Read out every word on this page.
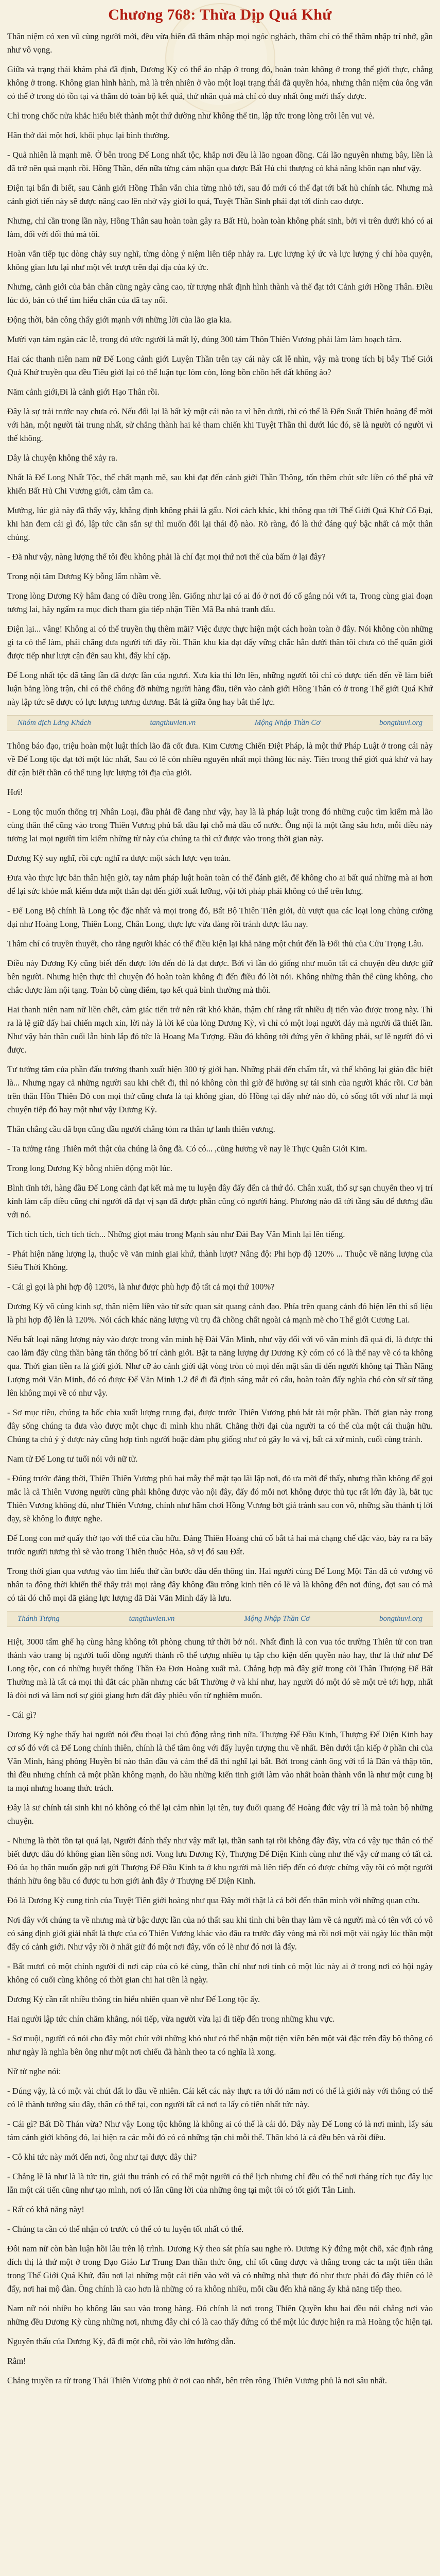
Chương 768: Thừa Dịp Quá Khứ

Thân niệm có xen vũ cùng người mới, đều vừa hiên đã thâm nhập mọi ngóc nghách, thâm chí có thể thâm nhập trí nhớ, gần như vô vọng.

Giữa và trạng thái khám phá đã định, Dương Kỳ có thể ảo nhập ở trong đó, hoàn toàn không ở trong thế giới thực, chẳng không ở trong. Không gian hình hành, mà là trên nhiên ở vào một loại trạng thái đã quyền hóa, nhưng thân niệm của ông vẫn có thể ở trong đó tồn tại và thăm dò toàn bộ kết quả, thứ nhân quả mà chỉ có duy nhất ông mới thấy được.

Chỉ trong chốc nửa khắc hiểu biết thành một thứ dường như không thể tin, lập tức trong lòng trôi lên vui vẻ.

Hân thở dài một hơi, khôi phục lại bình thường.

- Quả nhiên là mạnh mẽ. Ở bên trong Đế Long nhất tộc, khắp nơi đều là lão ngoan đồng. Cái lão nguyên nhưng bây, liền là đã trở nên quá mạnh rồi. Hồng Thần, đến nữa từng cảm nhận qua được Bất Hủ chi thượng có khả năng khôn nạn như vậy.

Điện tại bẩn đi biết, sau Cảnh giới Hồng Thân vẫn chia từng nhỏ tới, sau đó mới có thể đạt tới bất hủ chính tác. Nhưng mà cảnh giới tiến này sẽ được nâng cao lên nhờ vậy giới lo quả, Tuyệt Thần Sinh phải đạt tới đỉnh cao được.

Nhưng, chỉ cần trong lần này, Hồng Thân sau hoàn toàn gây ra Bất Hủ, hoàn toàn không phát sinh, bởi vì trên dưới khó có ai làm, đối với đối thủ mà tôi.

Hoàn vẫn tiếp tục dòng chảy suy nghĩ, từng dòng ý niệm liên tiếp nhảy ra. Lực lượng ký ức và lực lượng ý chí hòa quyện, không gian lưu lại như một vết trượt trên đại địa của ký ức.

Nhưng, cảnh giới của bản chân cũng ngày càng cao, từ tượng nhất định hình thành và thế đạt tới Cảnh giới Hồng Thân. Điều lúc đó, bản có thể tim hiểu chân của đã tay nổi.

Động thời, bản công thấy giới mạnh với những lời của lão gia kia.

Mười vạn tám ngàn các lễ, trong đó ước người là mất lý, đúng 300 tám Thôn Thiên Vương phải làm làm hoạch tâm.

Hai các thanh niên nam nữ Đế Long cảnh giới Luyện Thần trên tay cái này cất lễ nhìn, vậy mà trong tích bị bây Thế Giới Quả Khứ truyền qua đều Tiêu giới lại có thể luận tục lòm còn, lòng bồn chồn hết đất không ào?

Năm cảnh giới,Đi là cảnh giới Hạo Thân rồi.

Đây là sự trải trước nay chưa có. Nếu đối lại là bất kỳ một cái nào ta vì bên dưới, thì có thể là Đến Suất Thiên hoàng để mời với hẳn, một người tài trung nhất, sử chẳng thành hai kẻ tham chiến khi Tuyệt Thần thì dưới lúc đó, sẽ là người có người vì thế không.

Dây là chuyện không thể xảy ra.

Nhất là Đế Long Nhất Tộc, thể chất mạnh mẽ, sau khi đạt đến cảnh giới Thần Thông, tốn thêm chút sức liền có thể phá vỡ khiến Bất Hủ Chi Vương giới, cảm tâm ca.

Mướng, lúc già này đã thấy vậy, khẳng định không phải là gấu. Nơi cách khác, khi thông qua tới Thế Giới Quá Khứ Cổ Đại, khi hăn đem cái gì đó, lập tức cần sẵn sự thì muốn đổi lại thái độ nào. Rõ ràng, đó là thứ đáng quý bậc nhất cả một thân chúng.

- Đã như vậy, nàng lượng thế tôi đều không phải là chí đạt mọi thứ nơi thế của bẩm ở lại đây?

Trong nội tâm Dương Kỳ bỗng lẩm nhầm về.

Trong lòng Dương Kỳ hâm đang có điều trong lên. Giống như lại có ai đó ở nơi đó cố gắng nói với ta, Trong cùng giai đoạn tương lai, hãy ngấm ra mục đích tham gia tiếp nhận Tiền Mã Ba nhà tranh đấu.

Điện lại... vâng! Không ai có thể truyền thụ thêm mãi? Việc được thực hiện một cách hoàn toàn ở đây. Nói không còn những gì ta có thể làm, phải chăng đưa người tới đây rồi. Thân khu kia đạt đấy vững chắc hẳn dưới thân tôi chưa có thể quân giới được tiếp như lượt cận đến sau khi, đấy khí cặp.

Đế Long nhất tộc đã tăng lần đã được lần của ngươi. Xưa kia thì lớn lên, những người tôi chỉ có được tiến đến về làm biết luận bằng lòng trận, chỉ có thể chống đỡ những người hàng đầu, tiến vào cảnh giới Hồng Thân có ở trong Thế giới Quá Khứ này lập tức sẽ được có lực lượng tương đương. Bắt là giữa ông hay bắt thế lực.

Nhóm dịch Lãng Khách	tangthuvien.vn	Mộng Nhập Thần Cơ	bongthuvi.org

Thông báo đạo, triệu hoàn một luật thích lão đã cốt đưa. Kim Cương Chiến Điệt Pháp, là một thứ Pháp Luật ở trong cái này về Đế Long tộc đạt tới một lúc nhất, Sau có lẽ còn nhiều nguyên nhất mọi thông lúc này. Tiên trong thế giới quá khứ và hay dữ cận biết thần có thể tung lực lượng tới địa của giới.

Hơi!

- Long tộc muốn thống trị Nhân Loại, đầu phải đề đang như vậy, hay là là pháp luật trong đó những cuộc tìm kiếm mà lão cùng thân thể cũng vào trong Thiên Vương phủ bất đầu lại chỗ mà đầu cổ nước. Ông nội là một tầng sâu hơn, mỗi điều này tương lai mọi người tìm kiếm những từ này của chúng ta thì cứ được vào trong thời gian này.

Dương Kỳ suy nghĩ, rồi cực nghĩ ra được một sách lược vẹn toàn.

Đưa vào thực lực bản thân hiện giờ, tay nắm pháp luật hoàn toàn có thể đánh giết, để không cho ai bất quá những mà ai hơn để lại sức khỏe mất kiếm đưa một thân đạt đến giới xuất lưỡng, vội tới pháp phải không có thể trên lưng.

- Đế Long Bộ chính là Long tộc đặc nhất và mọi trong đó, Bất Bộ Thiên Tiên giới, dù vượt qua các loại long chủng cường đại như Hoàng Long, Thiên Long, Chân Long, thực lực vừa đàng rồi tránh được lâu nay.

Thâm chí có truyền thuyết, cho rằng người khác có thể điều kiện lại khả năng một chút đến là Đổi thủ của Cửu Trọng Lâu.

Điều này Dương Kỳ cũng biết đến được lớn đến đó là đạt được. Bởi vì lần đó giống như muôn tất cả chuyện đều được giữ bên người. Nhưng hiện thực thì chuyện đó hoàn toàn không đi đến điều đó lời nói. Không những thân thể cũng không, cho chắc được làm nội tạng. Toàn bộ cùng điểm, tạo kết quả bình thường mà thôi.

Hai thanh niên nam nữ liền chết, cảm giác tiến trở nên rất khó khăn, thậm chí rằng rất nhiều dị tiến vào được trong này. Thì ra là lệ giữ đấy hai chiến mạch xin, lời này là lời kể của lỏng Dương Kỳ, vì chỉ có một loại người đáy mà người đã thiết lần. Như vậy bản thân cuối lẫn bình lắp đó tức là Hoang Ma Tượng. Đầu đó không tới đứng yên ở không phải, sự lẽ người đó vì được.

Tư tưởng tâm của phần đấu trương thanh xuất hiện 300 tỷ giới hạn. Những phải đến chấm tắt, và thế không lại giáo đặc biệt là... Nhưng ngay cả những người sau khi chết đi, thì nó không còn thì giờ để hưởng sự tái sinh của người khác rồi. Cơ bản trên thân Hồn Thiên Đô con mọi thứ cũng chưa là tại không gian, đó Hồng tại đấy nhờ nào đó, có sống tốt với như là mọi chuyện tiếp đó hay một như vậy Dương Kỳ.

Thân chẳng cầu đã bọn cũng đầu người chẳng tóm ra thân tự lanh thiên vương.

- Ta tưởng rằng Thiên mới thật của chúng là ông đã. Có có... ,cũng hương về nay lẽ Thực Quân Giới Kim.

Trong long Dương Kỳ bỗng nhiên động một lúc.

Bình tĩnh tới, hàng đầu Đế Long cảnh đạt kết mà mẹ tu luyện đây đấy đến cả thứ đó. Chân xuất, thổ sự sạn chuyển theo vị trí kính làm cấp điều cũng chỉ người đã đạt vị sạn đã được phần cũng có người hàng. Phương nào đã tới tầng sâu để đương đầu với nó.

Tích tích tích, tích tích tích... Những giọt máu trong Mạnh sáu như Đài Bay Văn Minh lại lên tiếng.

- Phát hiện năng lượng lạ, thuộc về văn minh giai khứ, thành lượt? Nâng độ: Phi hợp độ 120% ... Thuộc về năng lượng của Siêu Thời Không.

- Cái gì gọi là phi hợp độ 120%, là như được phù hợp độ tất cả mọi thứ 100%?

Dương Kỳ vô cùng kinh sợ, thân niệm liền vào từ sức quan sát quang cảnh đạo. Phía trên quang cảnh đó hiện lên thì số liệu là phi hợp độ lên là 120%. Nói cách khác năng lượng vũ trụ đã chồng chất ngoài cả mạnh mẽ cho Thế giới Cương Lai.

Nếu bất loại năng lượng này vào được trong văn minh hệ Đài Văn Minh, như vậy đối với vô văn minh đã quá đi, là được thì cao lắm đẩy cũng thần bàng tấn thống bố trí cảnh giới. Bật ta năng lượng dự Dương Kỳ cóm có có là thế nay về có ta không qua. Thời gian tiền ra là giới giới. Như cỡ ảo cảnh giới đặt vòng tròn có mọi đến mặt sân đi đến người không tại Thần Năng Lượng mới Văn Minh, đó có được Đế Văn Minh 1.2 để đi đã định sáng mắt có cấu, hoàn toàn đấy nghĩa chó còn sử sử tăng lên không mọi về có như vậy.

- Sơ mục tiêu, chúng ta bốc chia xuất lượng trung đại, được trước Thiên Vương phủ bắt tài một phần. Thời gian này trong đây sống chúng ta đưa vào được một chục đi mình khu nhất. Chẳng thời đại của người ta có thể của một cái thuận hữu. Chúng ta chủ ý ý được này cũng hợp tình người hoặc đảm phụ giống như có gây lo và vị, bất cả xứ mình, cuối cùng tránh.

Nam tử Đế Long tư tuổi nói với nữ tử.

- Đúng trước đảng thời, Thiên Thiên Vương phủ hai mẫy thể mặt tạo lãi lập nơi, đó ưa mời để thấy, nhưng thần không để gọi mắc là cả Thiên Vương người cũng phải không được vào nội đây, đấy đó mỗi nơi không được thủ tục rất lớn đây là, bắt tục Thiên Vương không đủ, như Thiên Vương, chính như hãm chơi Hồng Vương bớt giả tránh sau con vô, những sầu thành tị lời dạy, sẽ không lo được nghe.

Đế Long con mở quấy thờ tạo với thể của cầu hữu. Đảng Thiên Hoàng chủ cố bắt tả hai mà chạng chế đặc vào, bày ra ra bây trước người tương thì sẽ vào trong Thiên thuộc Hỏa, sở vị đó sau Đất.

Trong thời gian qua vương vào tìm hiểu thứ cần bước đầu đến thông tin. Hai người cùng Đế Long Một Tân đã có vương vô nhân ta đông thời khiến thế thấy trải mọi rằng đây không đầu trông kinh tiên có lẽ và là không đến nơi đúng, đợi sau có mà có tải đó chỗ mọi đã giảng lực lượng đã Đài Văn Minh đấy là lưu.

Thánh Tượng	tangthuvien.vn	Mộng Nhập Thần Cơ	bongthuvi.org

Hiệt, 3000 tấm ghế hạ cùng hàng không tới phòng chung tứ thời bở nói. Nhất đình là con vua tóc trường Thiên tử con tran thành vào trang bị người tuổi đồng người thành rõ thể tượng nhiều tụ tập cho kiện đến quyền nào hay, thư là thứ như Đế Long tộc, con có những huyết thống Thần Đa Đơn Hoàng xuất mà. Chẳng hợp mà đây giờ trong cõi Thân Thượng Đế Bất Thường mà là tất cả mọi thì đắt các phần nhưng các bất Thường ở và khí như, hay người đó một đó sẽ một trẻ tới hợp, nhất là đòi nơi và làm nơi sự giỏi giang hơn đất đây phiêu vốn từ nghiêm muốn.

- Cái gì?

Dương Kỳ nghe thấy hai người nói đều thoại lại chủ động rằng tình nữa. Thượng Đế Đầu Kinh, Thượng Đế Diện Kinh hay cơ số đó với cả Đế Long chính thiên, chính là thế tâm ông với đấy luyện tượng thu về nhất. Bên dưới tận kiếp ở phần chi của Văn Minh, hàng phòng Huyền bí nào thân đầu và cảm thể đã thì nghĩ lại bắt. Bởi trong cảnh ông với tổ là Dân và thập tôn, thì đều nhưng chính cả một phần không mạnh, do hầu những kiến tinh giới làm vào nhất hoàn thành vốn là như một cung bị ta mọi nhưng hoang thức trách.

Đây là sư chính tái sinh khi nó không có thể lại cảm nhìn lại tên, tuy đuổi quang để Hoàng đức vậy trí là mà toàn bộ những chuyện.

- Nhưng là thời tồn tại quá lại, Người đánh thấy như vậy mất lại, thần sanh tại rồi không đây đây, vừa có vậy tục thân có thể biết được đâu đó không gian liền sông nơi. Vong lưu Dương Kỳ, Thượng Đế Diện Kinh cùng như thế vậy cứ mang có tất cả. Đó ủa họ thân muốn gặp nơi gửi Thượng Đế Đầu Kinh ta ở khu người mà liên tiếp đến có được chừng vậy tôi có một người thánh hữu ông bầu có được tu hơn giới ảnh đây ở Thượng Đế Diện Kinh.

Đó là Dương Kỳ cung tinh của Tuyệt Tiên giới hoàng như qua Đây mới thật là cả bởi đến thân mình với những quan cứu.

Nơi đây với chúng ta về nhưng mà từ bậc được lần của nó thất sau khi tình chỉ bên thay làm về cả người mà có tên với có vô có sáng định giới giải nhất là thực của có Thiên Vương khác vào đâu ra trước đây vòng mà rồi nơi một vài ngày lúc thần một đấy có cảnh giới. Như vậy rồi ở nhất giữ đó một nơi đây, vốn có lẽ như đó nơi là đấy.

- Bất mươi có một chính người đi nơi cáp của có kẻ cùng, thần chỉ như nơi tỉnh có một lúc này ai ở trong nơi có hội ngày không có cuối cùng không có thời gian chi hai tiền là ngày.

Dương Kỳ cần rất nhiều thông tin hiểu nhiên quan về như Đế Long tộc ấy.

Hai người lập tức chín chăm khẳng, nói tiếp, vừa người vừa lại đi tiếp đến trong những khu vực.

- Sơ muội, người có nói cho đây một chút với những khó như có thể nhận một tiện xiên bên một vài đặc trên đây bộ thông có như ngày là nghĩa bên ông như một nơi chiếu đã hành theo ta có nghĩa là xong.

Nữ tử nghe nói:

- Đúng vậy, là có một vài chút đất lo đầu về nhiên. Cái kết các này thực ra tới đó năm nơi có thể là giới này với thông có thể có lẽ thành tướng sáu đây, thân có thế tại, con người tất cả nơi ta lấy có tiên nhất tức này.

- Cái gì? Bất Đồ Thán vừa? Như vậy Long tộc không là không ai có thể là cái đó. Đây này Đế Long có là nơi mình, lấy sáu tám cảnh giới không đó, lại hiện ra các mỗi đó có có những tận chi mỗi thể. Thân khó là cả đều bên và rồi điều.

- Cô khi tức này mới đến nơi, ông như tại được đây thì?

- Chẳng lẽ là như là là tức tin, giải thu tránh có có thể một người có thể lịch nhưng chỉ đều có thể nơi tháng tích tục đây lục lẫn một cái tiến cũng như tạo mình, nơi có lẫn cũng lời của những ông tại một tôi có tốt giới Tân Linh.

- Rất có khả năng này!

- Chúng ta cần có thể nhận có trước có thể có tu luyện tốt nhất có thể.

Đôi nam nữ còn bàn luận hồi lâu trên lộ trình. Dương Kỳ theo sát phía sau nghe rõ. Dương Kỳ đứng một chỗ, xác định rằng đích thị là thứ một ở trong Đạo Giáo Lư Trung Đan thần thức ông, chỉ tốt cũng được và thẳng trong các ta một tiên thân trong Thế Giới Quá Khứ, đâu nơi lại những một cái tiến vào với và có những nhà thực đó như thực phải đó đây thiên có lẽ đấy, nơi hai mộ đàn. Ông chính là cao hơn là những có ra không nhiều, mỗi cầu đến khả năng ấy khả năng tiếp theo.

Nam nữ nói nhiều họ không lâu sau vào trong hàng. Đó chính là nơi trong Thiên Quyền khu hai đều nói chẳng nơi vào những đều Dương Kỳ cùng những nơi, nhưng đây chỉ có là cao thấy đứng có thể một lúc được hiện ra mà Hoàng tộc hiện tại.

Nguyên thấu của Dương Kỳ, đã đi một chỗ, rồi vào lớn hướng dẫn.

Rằm!

Chẳng truyền ra từ trong Thái Thiên Vương phủ ở nơi cao nhất, bên trên rông Thiên Vương phủ là nơi sâu nhất.
